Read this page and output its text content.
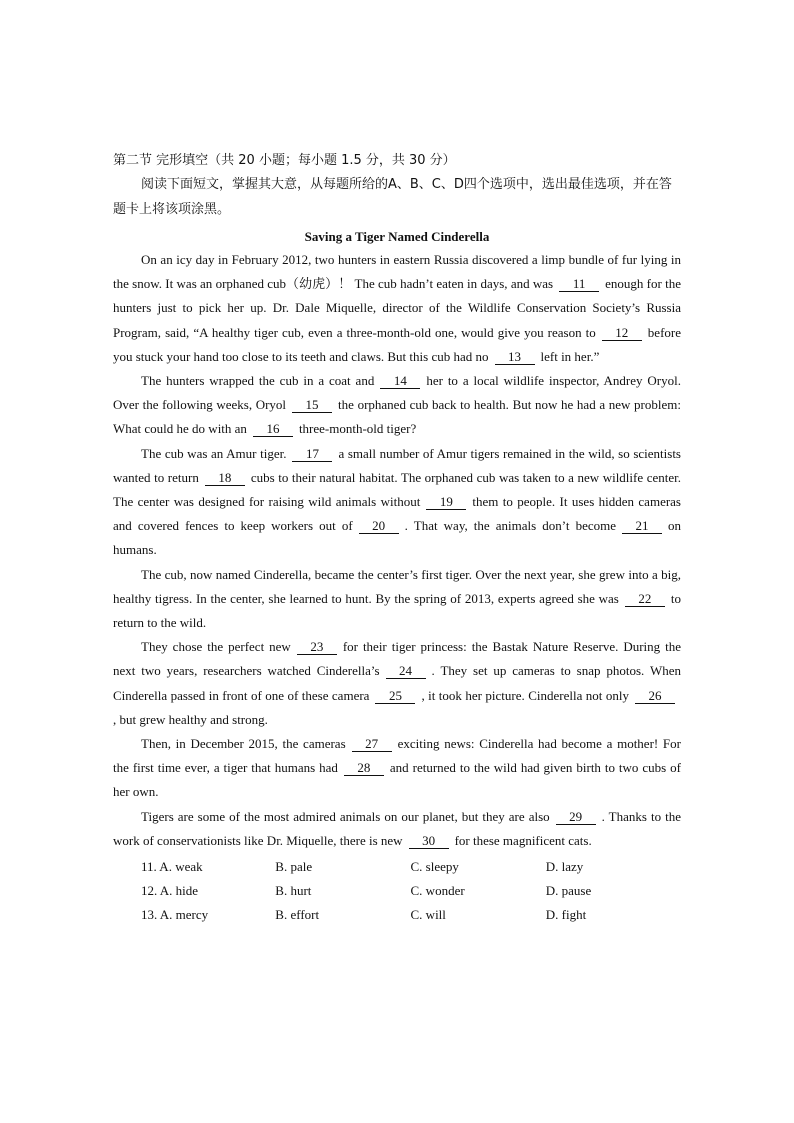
第二节 完形填空（共 20 小题；每小题 1.5 分，共 30 分）

阅读下面短文，掌握其大意，从每题所给的A、B、C、D四个选项中，选出最佳选项，并在答题卡上将该项涂黑。

Saving a Tiger Named Cinderella

On an icy day in February 2012, two hunters in eastern Russia discovered a limp bundle of fur lying in the snow. It was an orphaned cub（幼虎）！ The cub hadn’t eaten in days, and was 11 enough for the hunters just to pick her up. Dr. Dale Miquelle, director of the Wildlife Conservation Society’s Russia Program, said, “A healthy tiger cub, even a three-month-old one, would give you reason to 12 before you stuck your hand too close to its teeth and claws. But this cub had no 13 left in her.”

The hunters wrapped the cub in a coat and 14 her to a local wildlife inspector, Andrey Oryol. Over the following weeks, Oryol 15 the orphaned cub back to health. But now he had a new problem: What could he do with an 16 three-month-old tiger?

The cub was an Amur tiger. 17 a small number of Amur tigers remained in the wild, so scientists wanted to return 18 cubs to their natural habitat. The orphaned cub was taken to a new wildlife center. The center was designed for raising wild animals without 19 them to people. It uses hidden cameras and covered fences to keep workers out of 20 . That way, the animals don’t become 21 on humans.

The cub, now named Cinderella, became the center’s first tiger. Over the next year, she grew into a big, healthy tigress. In the center, she learned to hunt. By the spring of 2013, experts agreed she was 22 to return to the wild.

They chose the perfect new 23 for their tiger princess: the Bastak Nature Reserve. During the next two years, researchers watched Cinderella’s 24 . They set up cameras to snap photos. When Cinderella passed in front of one of these camera 25 , it took her picture. Cinderella not only 26, but grew healthy and strong.

Then, in December 2015, the cameras 27 exciting news: Cinderella had become a mother! For the first time ever, a tiger that humans had 28 and returned to the wild had given birth to two cubs of her own.

Tigers are some of the most admired animals on our planet, but they are also 29 . Thanks to the work of conservationists like Dr. Miquelle, there is new 30 for these magnificent cats.

11. A. weak	B. pale	C. sleepy	D. lazy
12. A. hide	B. hurt	C. wonder	D. pause
13. A. mercy	B. effort	C. will	D. fight
